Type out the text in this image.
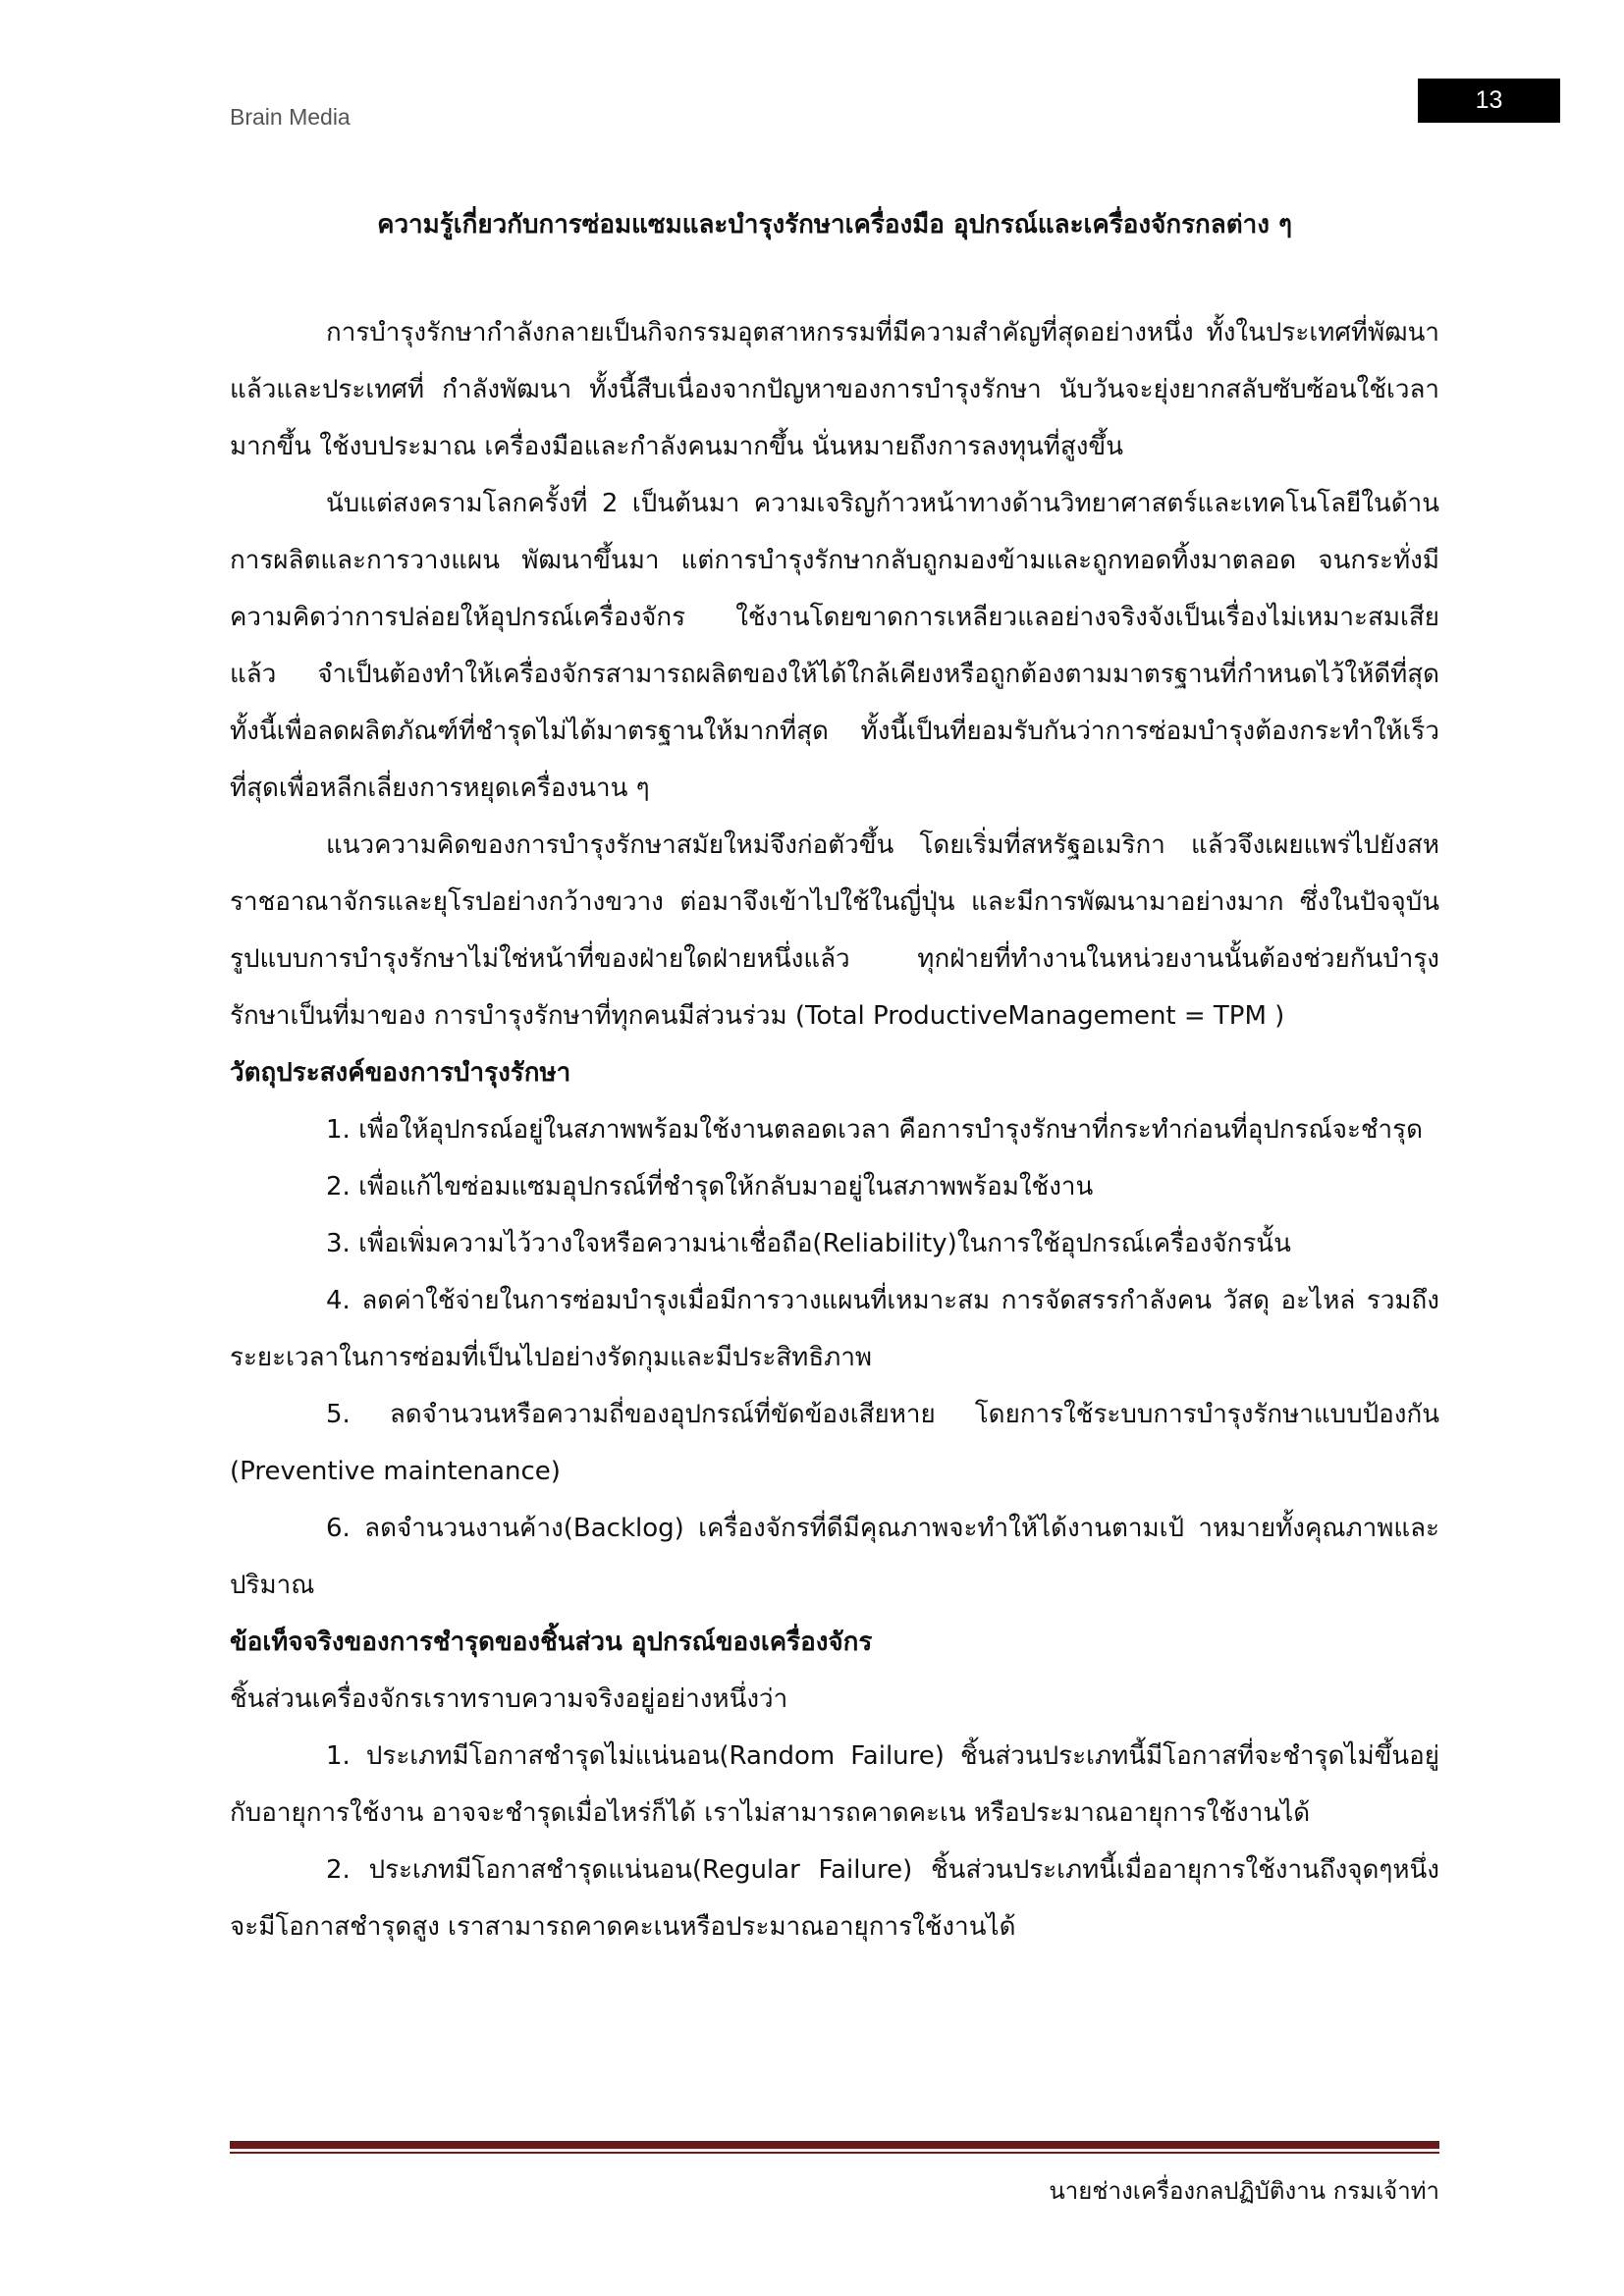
Brain Media
13
ความรู้เกี่ยวกับการซ่อมแซมและบำรุงรักษาเครื่องมือ อุปกรณ์และเครื่องจักรกลต่าง ๆ

การบำรุงรักษากำลังกลายเป็นกิจกรรมอุตสาหกรรมที่มีความสำคัญที่สุดอย่างหนึ่ง ทั้งในประเทศที่พัฒนาแล้วและประเทศที่ กำลังพัฒนา ทั้งนี้สืบเนื่องจากปัญหาของการบำรุงรักษา นับวันจะยุ่งยากสลับซับซ้อนใช้เวลามากขึ้น ใช้งบประมาณ เครื่องมือและกำลังคนมากขึ้น นั่นหมายถึงการลงทุนที่สูงขึ้น

นับแต่สงครามโลกครั้งที่ 2 เป็นต้นมา ความเจริญก้าวหน้าทางด้านวิทยาศาสตร์และเทคโนโลยีในด้านการผลิตและการวางแผน พัฒนาขึ้นมา แต่การบำรุงรักษากลับถูกมองข้ามและถูกทอดทิ้งมาตลอด จนกระทั่งมีความคิดว่าการปล่อยให้อุปกรณ์เครื่องจักร ใช้งานโดยขาดการเหลียวแลอย่างจริงจังเป็นเรื่องไม่เหมาะสมเสียแล้ว จำเป็นต้องทำให้เครื่องจักรสามารถผลิตของให้ได้ใกล้เคียงหรือถูกต้องตามมาตรฐานที่กำหนดไว้ให้ดีที่สุด ทั้งนี้เพื่อลดผลิตภัณฑ์ที่ชำรุดไม่ได้มาตรฐานให้มากที่สุด ทั้งนี้เป็นที่ยอมรับกันว่าการซ่อมบำรุงต้องกระทำให้เร็วที่สุดเพื่อหลีกเลี่ยงการหยุดเครื่องนาน ๆ

แนวความคิดของการบำรุงรักษาสมัยใหม่จึงก่อตัวขึ้น โดยเริ่มที่สหรัฐอเมริกา แล้วจึงเผยแพร่ไปยังสหราชอาณาจักรและยุโรปอย่างกว้างขวาง ต่อมาจึงเข้าไปใช้ในญี่ปุ่น และมีการพัฒนามาอย่างมาก ซึ่งในปัจจุบันรูปแบบการบำรุงรักษาไม่ใช่หน้าที่ของฝ่ายใดฝ่ายหนึ่งแล้ว ทุกฝ่ายที่ทำงานในหน่วยงานนั้นต้องช่วยกันบำรุงรักษาเป็นที่มาของ การบำรุงรักษาที่ทุกคนมีส่วนร่วม (Total ProductiveManagement = TPM )

วัตถุประสงค์ของการบำรุงรักษา

1. เพื่อให้อุปกรณ์อยู่ในสภาพพร้อมใช้งานตลอดเวลา คือการบำรุงรักษาที่กระทำก่อนที่อุปกรณ์จะชำรุด

2. เพื่อแก้ไขซ่อมแซมอุปกรณ์ที่ชำรุดให้กลับมาอยู่ในสภาพพร้อมใช้งาน

3. เพื่อเพิ่มความไว้วางใจหรือความน่าเชื่อถือ(Reliability)ในการใช้อุปกรณ์เครื่องจักรนั้น

4. ลดค่าใช้จ่ายในการซ่อมบำรุงเมื่อมีการวางแผนที่เหมาะสม การจัดสรรกำลังคน วัสดุ อะไหล่ รวมถึงระยะเวลาในการซ่อมที่เป็นไปอย่างรัดกุมและมีประสิทธิภาพ

5. ลดจำนวนหรือความถี่ของอุปกรณ์ที่ขัดข้องเสียหาย โดยการใช้ระบบการบำรุงรักษาแบบป้องกัน (Preventive maintenance)

6. ลดจำนวนงานค้าง(Backlog) เครื่องจักรที่ดีมีคุณภาพจะทำให้ได้งานตามเป้ าหมายทั้งคุณภาพและปริมาณ

ข้อเท็จจริงของการชำรุดของชิ้นส่วน อุปกรณ์ของเครื่องจักร

ชิ้นส่วนเครื่องจักรเราทราบความจริงอยู่อย่างหนึ่งว่า

1. ประเภทมีโอกาสชำรุดไม่แน่นอน(Random Failure) ชิ้นส่วนประเภทนี้มีโอกาสที่จะชำรุดไม่ขึ้นอยู่กับอายุการใช้งาน อาจจะชำรุดเมื่อไหร่ก็ได้ เราไม่สามารถคาดคะเน หรือประมาณอายุการใช้งานได้

2. ประเภทมีโอกาสชำรุดแน่นอน(Regular Failure) ชิ้นส่วนประเภทนี้เมื่ออายุการใช้งานถึงจุดๆหนึ่ง จะมีโอกาสชำรุดสูง เราสามารถคาดคะเนหรือประมาณอายุการใช้งานได้

นายช่างเครื่องกลปฏิบัติงาน กรมเจ้าท่า
